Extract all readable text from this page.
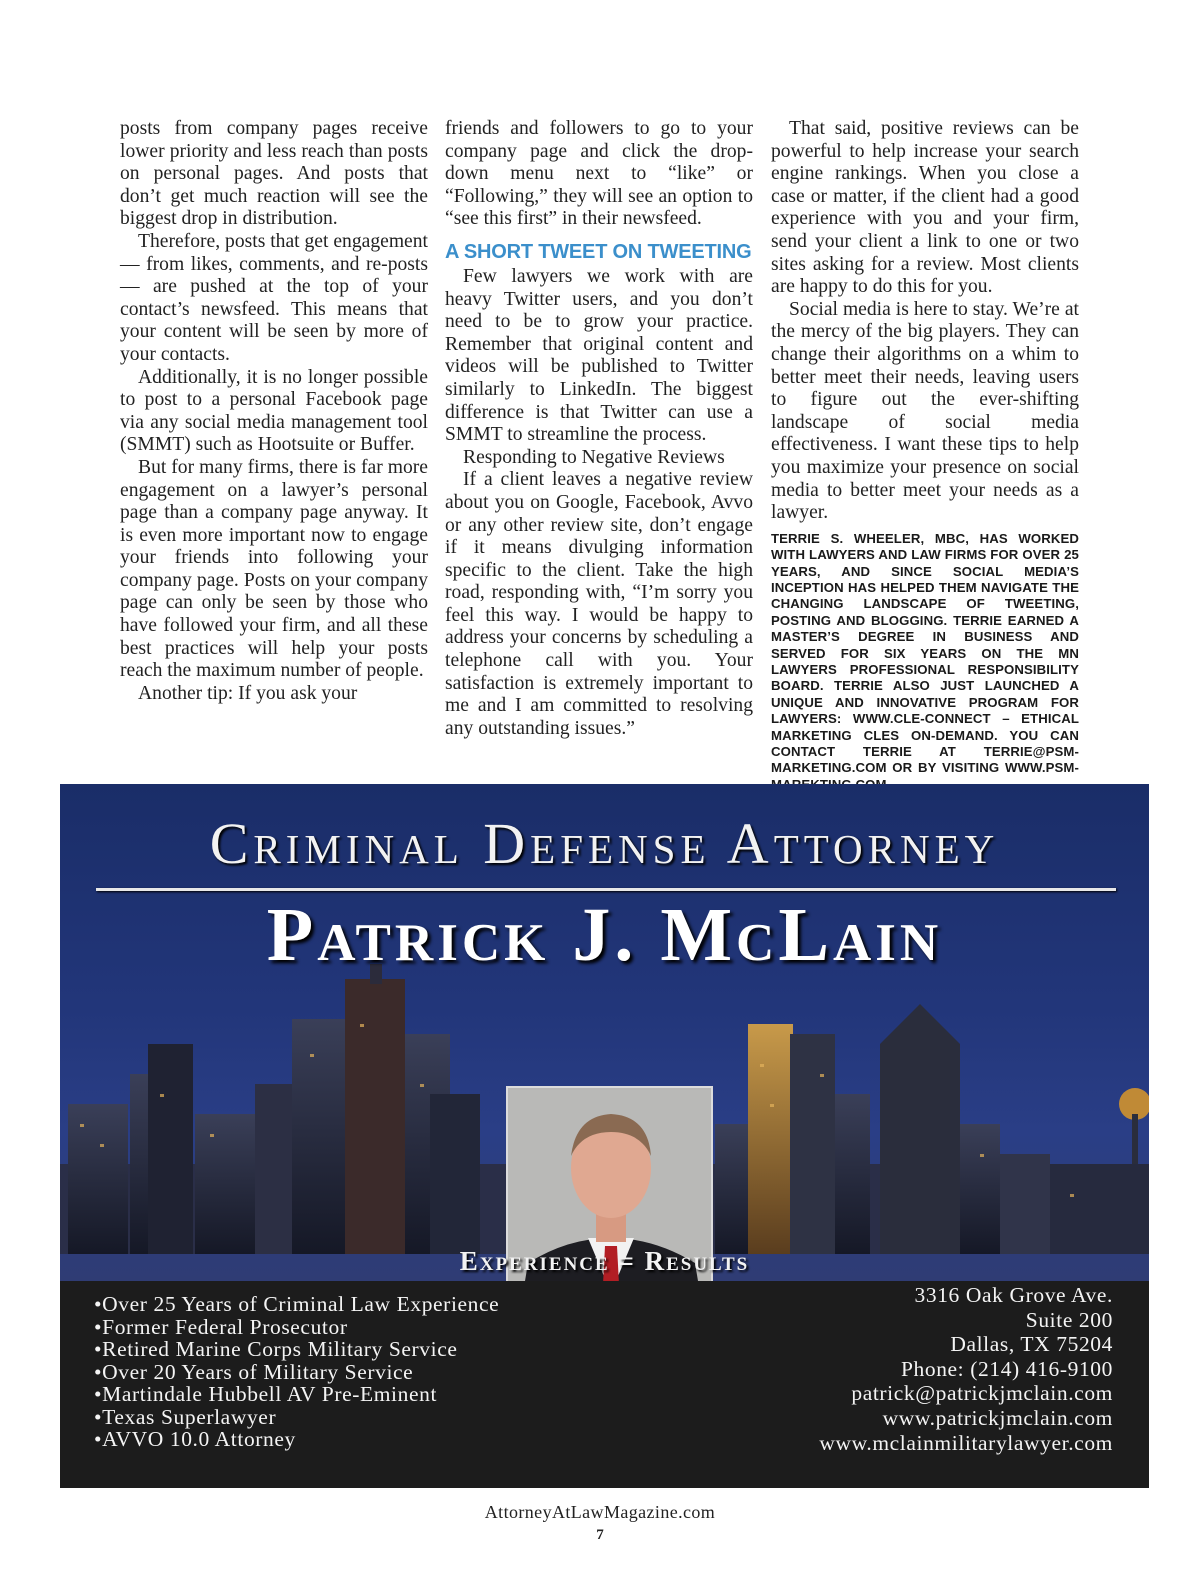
posts from company pages receive lower priority and less reach than posts on personal pages. And posts that don’t get much reaction will see the biggest drop in distribution.

Therefore, posts that get engagement — from likes, comments, and re-posts — are pushed at the top of your contact’s newsfeed. This means that your content will be seen by more of your contacts.

Additionally, it is no longer possible to post to a personal Facebook page via any social media management tool (SMMT) such as Hootsuite or Buffer.

But for many firms, there is far more engagement on a lawyer’s personal page than a company page anyway. It is even more important now to engage your friends into following your company page. Posts on your company page can only be seen by those who have followed your firm, and all these best practices will help your posts reach the maximum number of people.

Another tip: If you ask your

friends and followers to go to your company page and click the drop-down menu next to “like” or “Following,” they will see an option to “see this first” in their newsfeed.

A SHORT TWEET ON TWEETING

Few lawyers we work with are heavy Twitter users, and you don’t need to be to grow your practice. Remember that original content and videos will be published to Twitter similarly to LinkedIn. The biggest difference is that Twitter can use a SMMT to streamline the process.

Responding to Negative Reviews

If a client leaves a negative review about you on Google, Facebook, Avvo or any other review site, don’t engage if it means divulging information specific to the client. Take the high road, responding with, “I’m sorry you feel this way. I would be happy to address your concerns by scheduling a telephone call with you. Your satisfaction is extremely important to me and I am committed to resolving any outstanding issues.”

That said, positive reviews can be powerful to help increase your search engine rankings. When you close a case or matter, if the client had a good experience with you and your firm, send your client a link to one or two sites asking for a review. Most clients are happy to do this for you.

Social media is here to stay. We’re at the mercy of the big players. They can change their algorithms on a whim to better meet their needs, leaving users to figure out the ever-shifting landscape of social media effectiveness. I want these tips to help you maximize your presence on social media to better meet your needs as a lawyer.

TERRIE S. WHEELER, MBC, HAS WORKED WITH LAWYERS AND LAW FIRMS FOR OVER 25 YEARS, AND SINCE SOCIAL MEDIA’S INCEPTION HAS HELPED THEM NAVIGATE THE CHANGING LANDSCAPE OF TWEETING, POSTING AND BLOGGING. TERRIE EARNED A MASTER’S DEGREE IN BUSINESS AND SERVED FOR SIX YEARS ON THE MN LAWYERS PROFESSIONAL RESPONSIBILITY BOARD. TERRIE ALSO JUST LAUNCHED A UNIQUE AND INNOVATIVE PROGRAM FOR LAWYERS: WWW.CLE-CONNECT – ETHICAL MARKETING CLES ON-DEMAND. YOU CAN CONTACT TERRIE AT TERRIE@PSM-MARKETING.COM OR BY VISITING WWW.PSM-
Criminal Defense Attorney
Patrick J. McLain
Experience = Results
• Over 25 Years of Criminal Law Experience
• Former Federal Prosecutor
• Retired Marine Corps Military Service
• Over 20 Years of Military Service
• Martindale Hubbell AV Pre-Eminent
• Texas Superlawyer
• AVVO 10.0 Attorney
3316 Oak Grove Ave.
Suite 200
Dallas, TX 75204
Phone: (214) 416-9100
patrick@patrickjmclain.com
www.patrickjmclain.com
www.mclainmilitarylawyer.com
AttorneyAtLawMagazine.com
7
